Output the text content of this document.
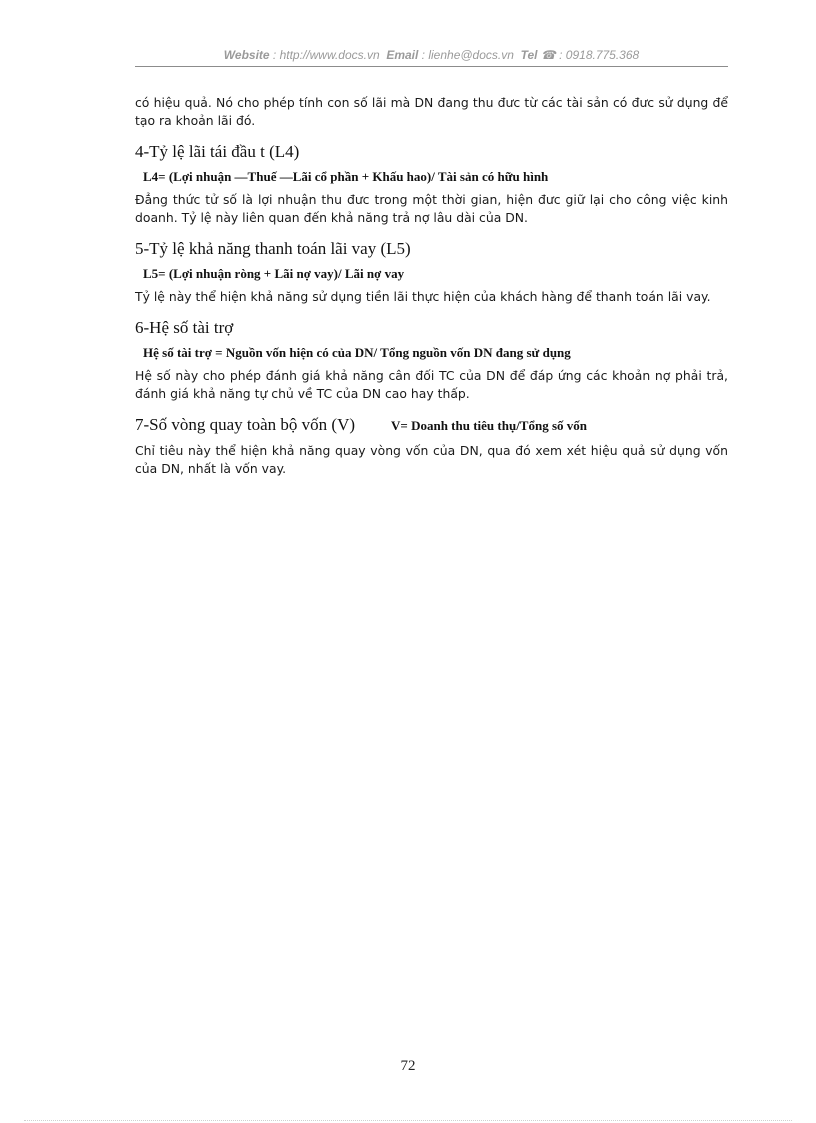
Website : http://www.docs.vn Email : lienhe@docs.vn Tel ☎ : 0918.775.368

có hiệu quả. Nó cho phép tính con số lãi mà DN đang thu đưc từ các tài sản có đưc sử dụng để tạo ra khoản lãi đó.

4-Tỷ lệ lãi tái đầu t (L4)
L4= (Lợi nhuận —Thuế —Lãi cổ phần + Khấu hao)/ Tài sản có hữu hình

Đẳng thức tử số là lợi nhuận thu đưc trong một thời gian, hiện đưc giữ lại cho công việc kinh doanh. Tỷ lệ này liên quan đến khả năng trả nợ lâu dài của DN.

5-Tỷ lệ khả năng thanh toán lãi vay (L5)
L5= (Lợi nhuận ròng + Lãi nợ vay)/ Lãi nợ vay

Tỷ lệ này thể hiện khả năng sử dụng tiền lãi thực hiện của khách hàng để thanh toán lãi vay.

6-Hệ số tài trợ
Hệ số tài trợ = Nguồn vốn hiện có của DN/ Tổng nguồn vốn DN đang sử dụng

Hệ số này cho phép đánh giá khả năng cân đối TC của DN để đáp ứng các khoản nợ phải trả, đánh giá khả năng tự chủ về TC của DN cao hay thấp.

7-Số vòng quay toàn bộ vốn (V)	V= Doanh thu tiêu thụ/Tổng số vốn

Chỉ tiêu này thể hiện khả năng quay vòng vốn của DN, qua đó xem xét hiệu quả sử dụng vốn của DN, nhất là vốn vay.

72
